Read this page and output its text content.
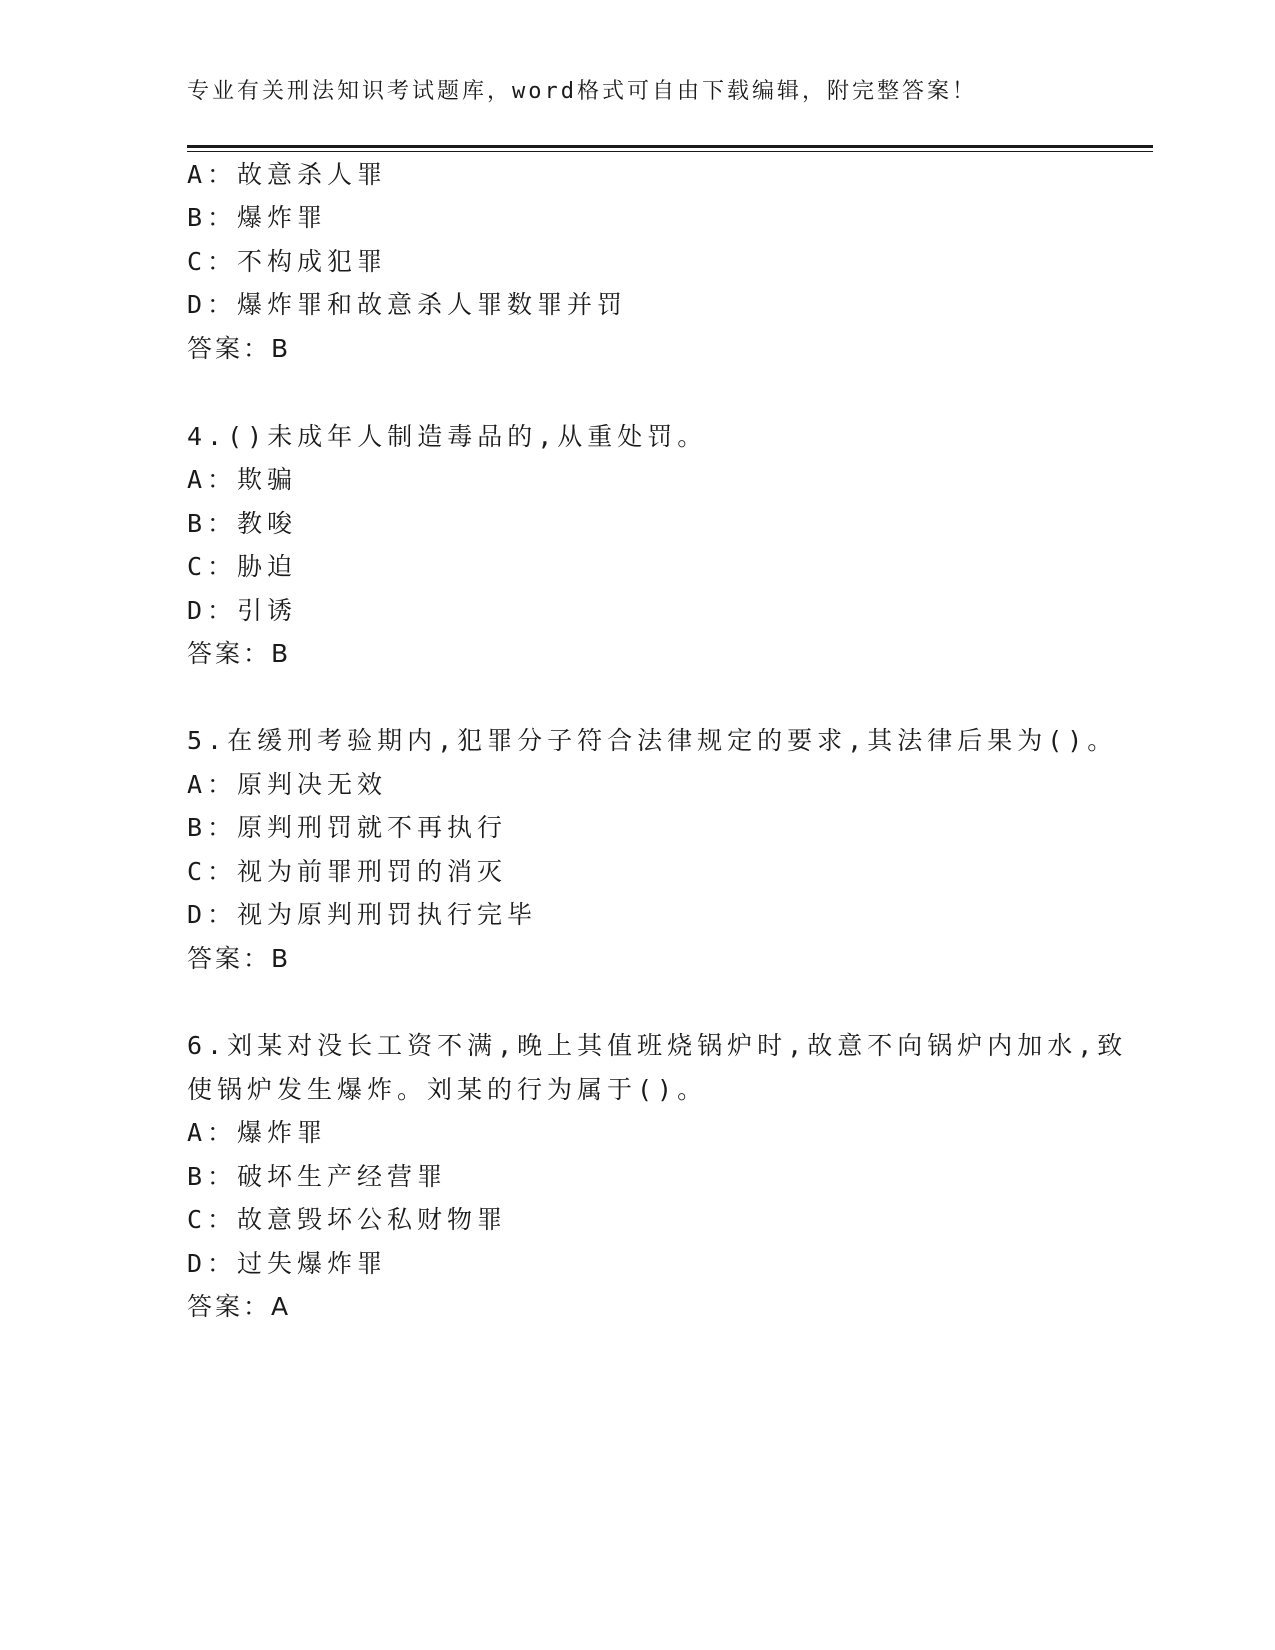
专业有关刑法知识考试题库，word格式可自由下载编辑，附完整答案！
A：故意杀人罪
B：爆炸罪
C：不构成犯罪
D：爆炸罪和故意杀人罪数罪并罚
答案：B
4.()未成年人制造毒品的,从重处罚。
A：欺骗
B：教唆
C：胁迫
D：引诱
答案：B
5.在缓刑考验期内,犯罪分子符合法律规定的要求,其法律后果为()。
A：原判决无效
B：原判刑罚就不再执行
C：视为前罪刑罚的消灭
D：视为原判刑罚执行完毕
答案：B
6.刘某对没长工资不满,晚上其值班烧锅炉时,故意不向锅炉内加水,致
使锅炉发生爆炸。刘某的行为属于()。
A：爆炸罪
B：破坏生产经营罪
C：故意毁坏公私财物罪
D：过失爆炸罪
答案：A
